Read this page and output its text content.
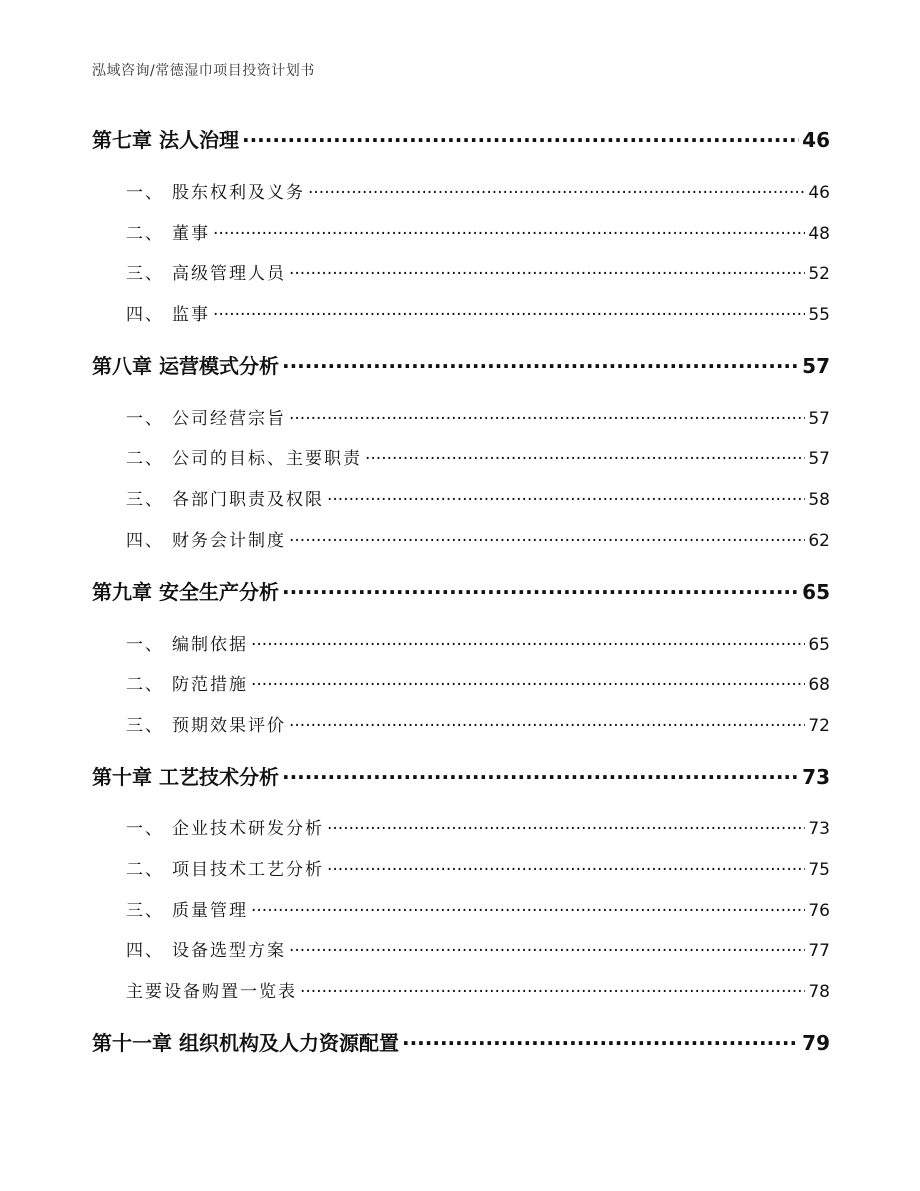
泓域咨询/常德湿巾项目投资计划书
第七章 法人治理 .....	46
一、 股东权利及义务 .....	46
二、 董事 .....	48
三、 高级管理人员 .....	52
四、 监事 .....	55
第八章 运营模式分析 .....	57
一、 公司经营宗旨 .....	57
二、 公司的目标、主要职责 .....	57
三、 各部门职责及权限 .....	58
四、 财务会计制度 .....	62
第九章 安全生产分析 .....	65
一、 编制依据 .....	65
二、 防范措施 .....	68
三、 预期效果评价 .....	72
第十章 工艺技术分析 .....	73
一、 企业技术研发分析 .....	73
二、 项目技术工艺分析 .....	75
三、 质量管理 .....	76
四、 设备选型方案 .....	77
主要设备购置一览表 .....	78
第十一章 组织机构及人力资源配置 .....	79
